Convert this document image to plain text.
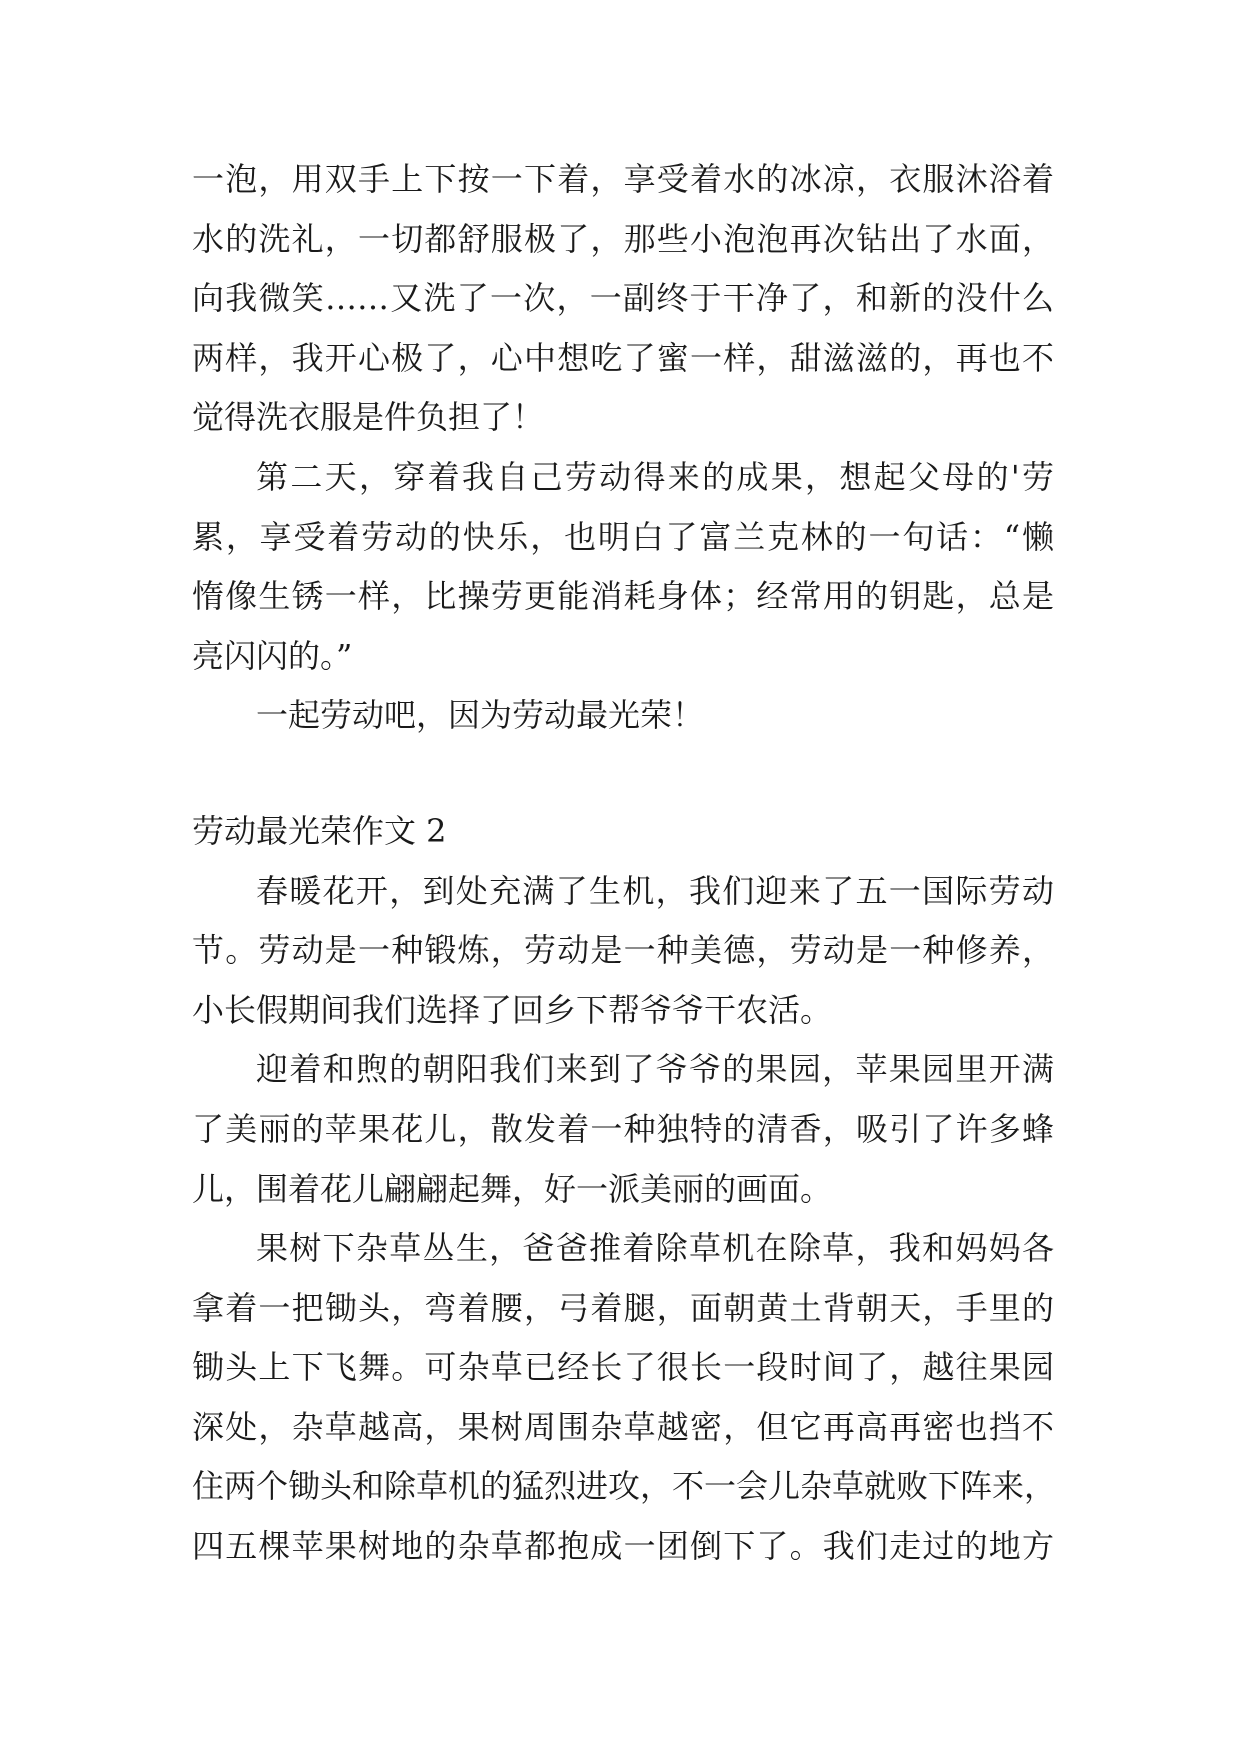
一泡，用双手上下按一下着，享受着水的冰凉，衣服沐浴着
水的洗礼，一切都舒服极了，那些小泡泡再次钻出了水面，
向我微笑……又洗了一次，一副终于干净了，和新的没什么
两样，我开心极了，心中想吃了蜜一样，甜滋滋的，再也不
觉得洗衣服是件负担了！
第二天，穿着我自己劳动得来的成果，想起父母的'劳
累，享受着劳动的快乐，也明白了富兰克林的一句话：“懒
惰像生锈一样，比操劳更能消耗身体；经常用的钥匙，总是
亮闪闪的。”
一起劳动吧，因为劳动最光荣！
劳动最光荣作文 2
春暖花开，到处充满了生机，我们迎来了五一国际劳动
节。劳动是一种锻炼，劳动是一种美德，劳动是一种修养，
小长假期间我们选择了回乡下帮爷爷干农活。
迎着和煦的朝阳我们来到了爷爷的果园，苹果园里开满
了美丽的苹果花儿，散发着一种独特的清香，吸引了许多蜂
儿，围着花儿翩翩起舞，好一派美丽的画面。
果树下杂草丛生，爸爸推着除草机在除草，我和妈妈各
拿着一把锄头，弯着腰，弓着腿，面朝黄土背朝天，手里的
锄头上下飞舞。可杂草已经长了很长一段时间了，越往果园
深处，杂草越高，果树周围杂草越密，但它再高再密也挡不
住两个锄头和除草机的猛烈进攻，不一会儿杂草就败下阵来，
四五棵苹果树地的杂草都抱成一团倒下了。我们走过的地方
